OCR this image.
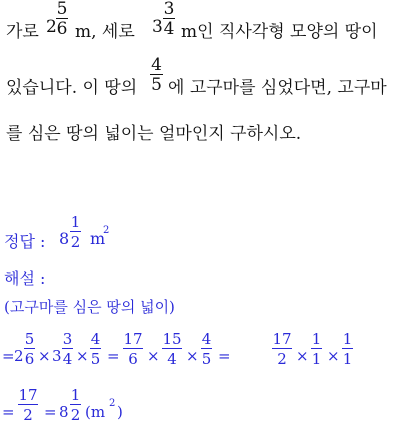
가로 2
5
6 m, 세로 3
3
4 m인 직사각형 모양의 땅이
있습니다. 이 땅의
4
5 에 고구마를 심었다면, 고구마
를 심은 땅의 넓이는 얼마인지 구하시오.
정답 : 8
1
2 m
2
해설 :
(고구마를 심은 땅의 넓이)
= 2
5
6 × 3
3
4 ×
4
5 =
17
6 ×
15
4 ×
4
5 =
17
2 ×
1
1 ×
1
1
=
17
2 = 8
1
2 (m 2 )
